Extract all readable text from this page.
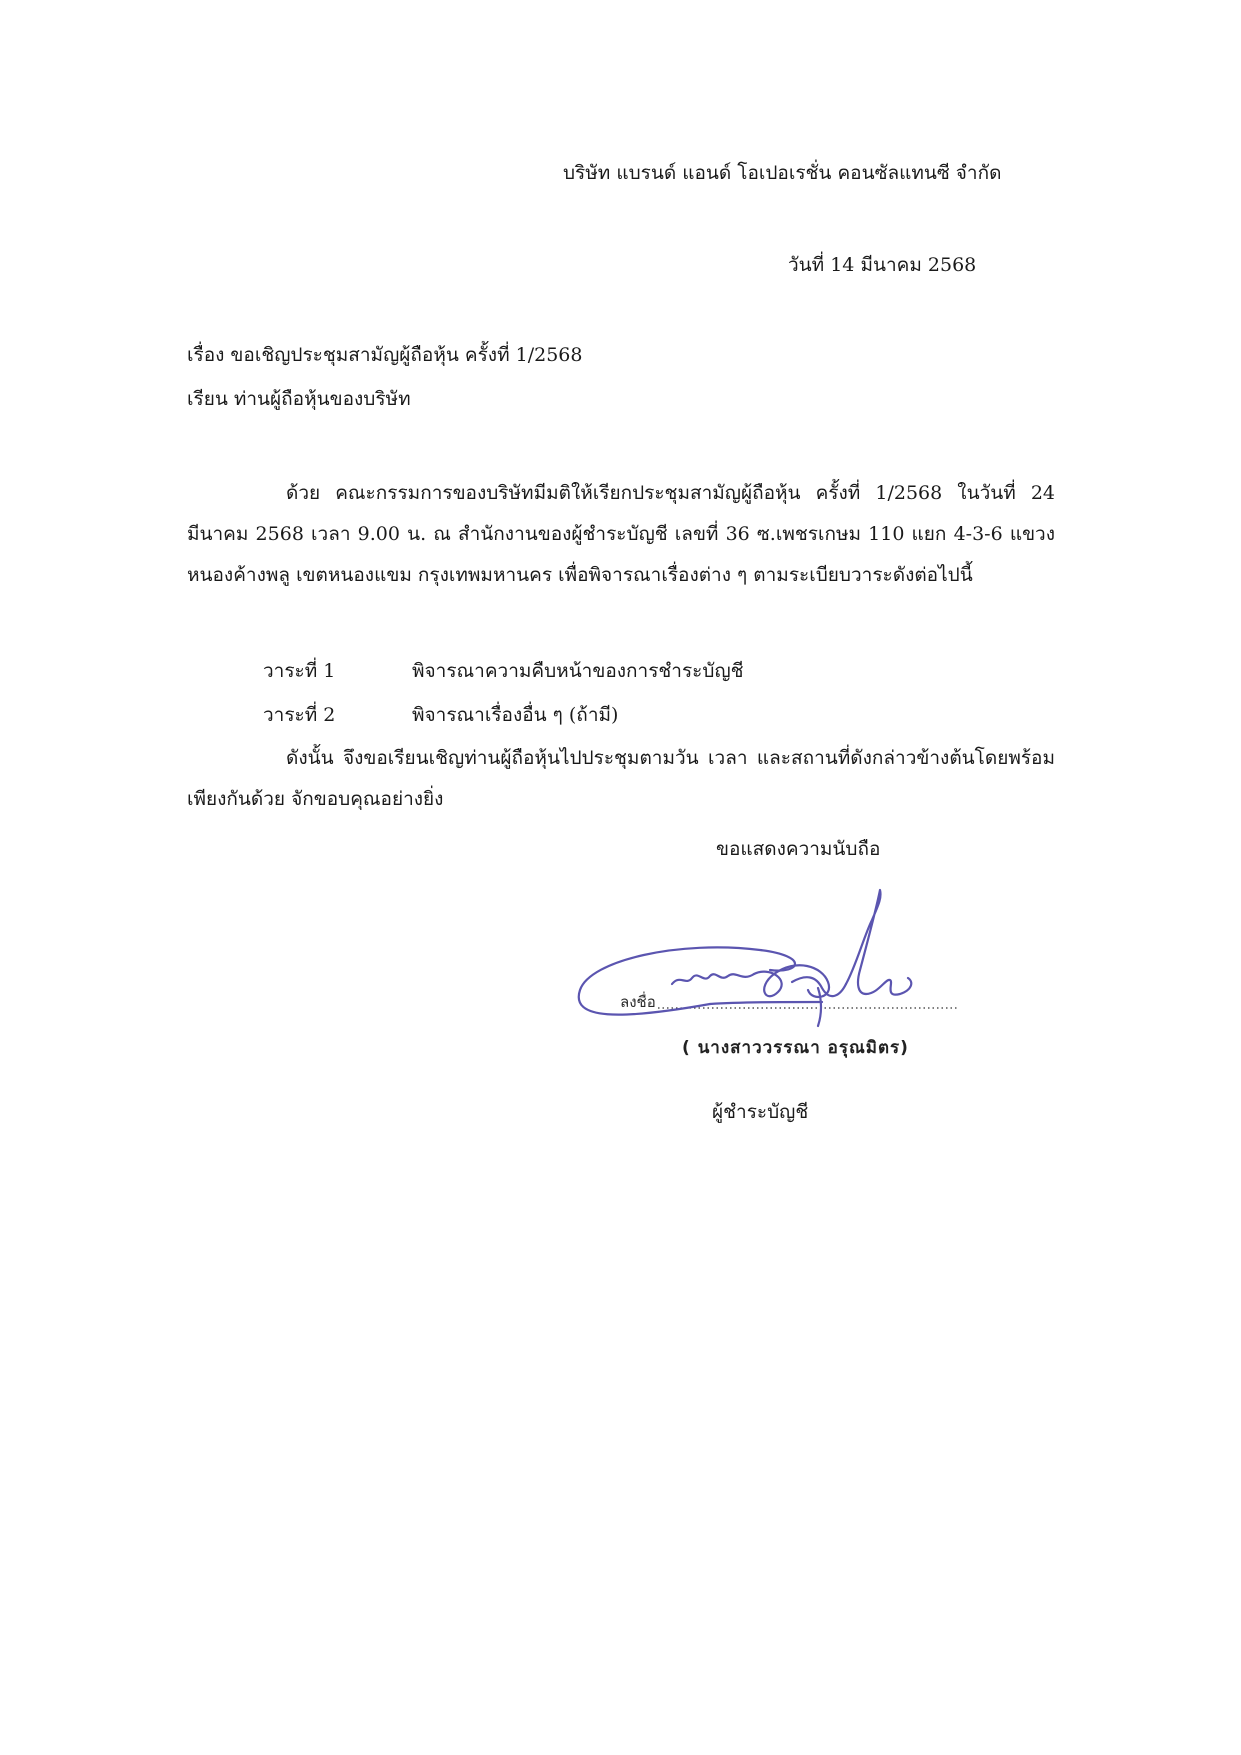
บริษัท แบรนด์ แอนด์ โอเปอเรชั่น คอนซัลแทนซี จำกัด
วันที่ 14 มีนาคม 2568
เรื่อง ขอเชิญประชุมสามัญผู้ถือหุ้น ครั้งที่ 1/2568
เรียน ท่านผู้ถือหุ้นของบริษัท

ด้วย คณะกรรมการของบริษัทมีมติให้เรียกประชุมสามัญผู้ถือหุ้น ครั้งที่ 1/2568 ในวันที่ 24 มีนาคม 2568 เวลา 9.00 น. ณ สำนักงานของผู้ชำระบัญชี เลขที่ 36 ซ.เพชรเกษม 110 แยก 4-3-6 แขวงหนองค้างพลู เขตหนองแขม กรุงเทพมหานคร เพื่อพิจารณาเรื่องต่าง ๆ ตามระเบียบวาระดังต่อไปนี้

วาระที่ 1	พิจารณาความคืบหน้าของการชำระบัญชี
วาระที่ 2	พิจารณาเรื่องอื่น ๆ (ถ้ามี)

ดังนั้น จึงขอเรียนเชิญท่านผู้ถือหุ้นไปประชุมตามวัน เวลา และสถานที่ดังกล่าวข้างต้นโดยพร้อมเพียงกันด้วย จักขอบคุณอย่างยิ่ง

ขอแสดงความนับถือ
ลงชื่อ
( นางสาววรรณา อรุณมิตร)
ผู้ชำระบัญชี
